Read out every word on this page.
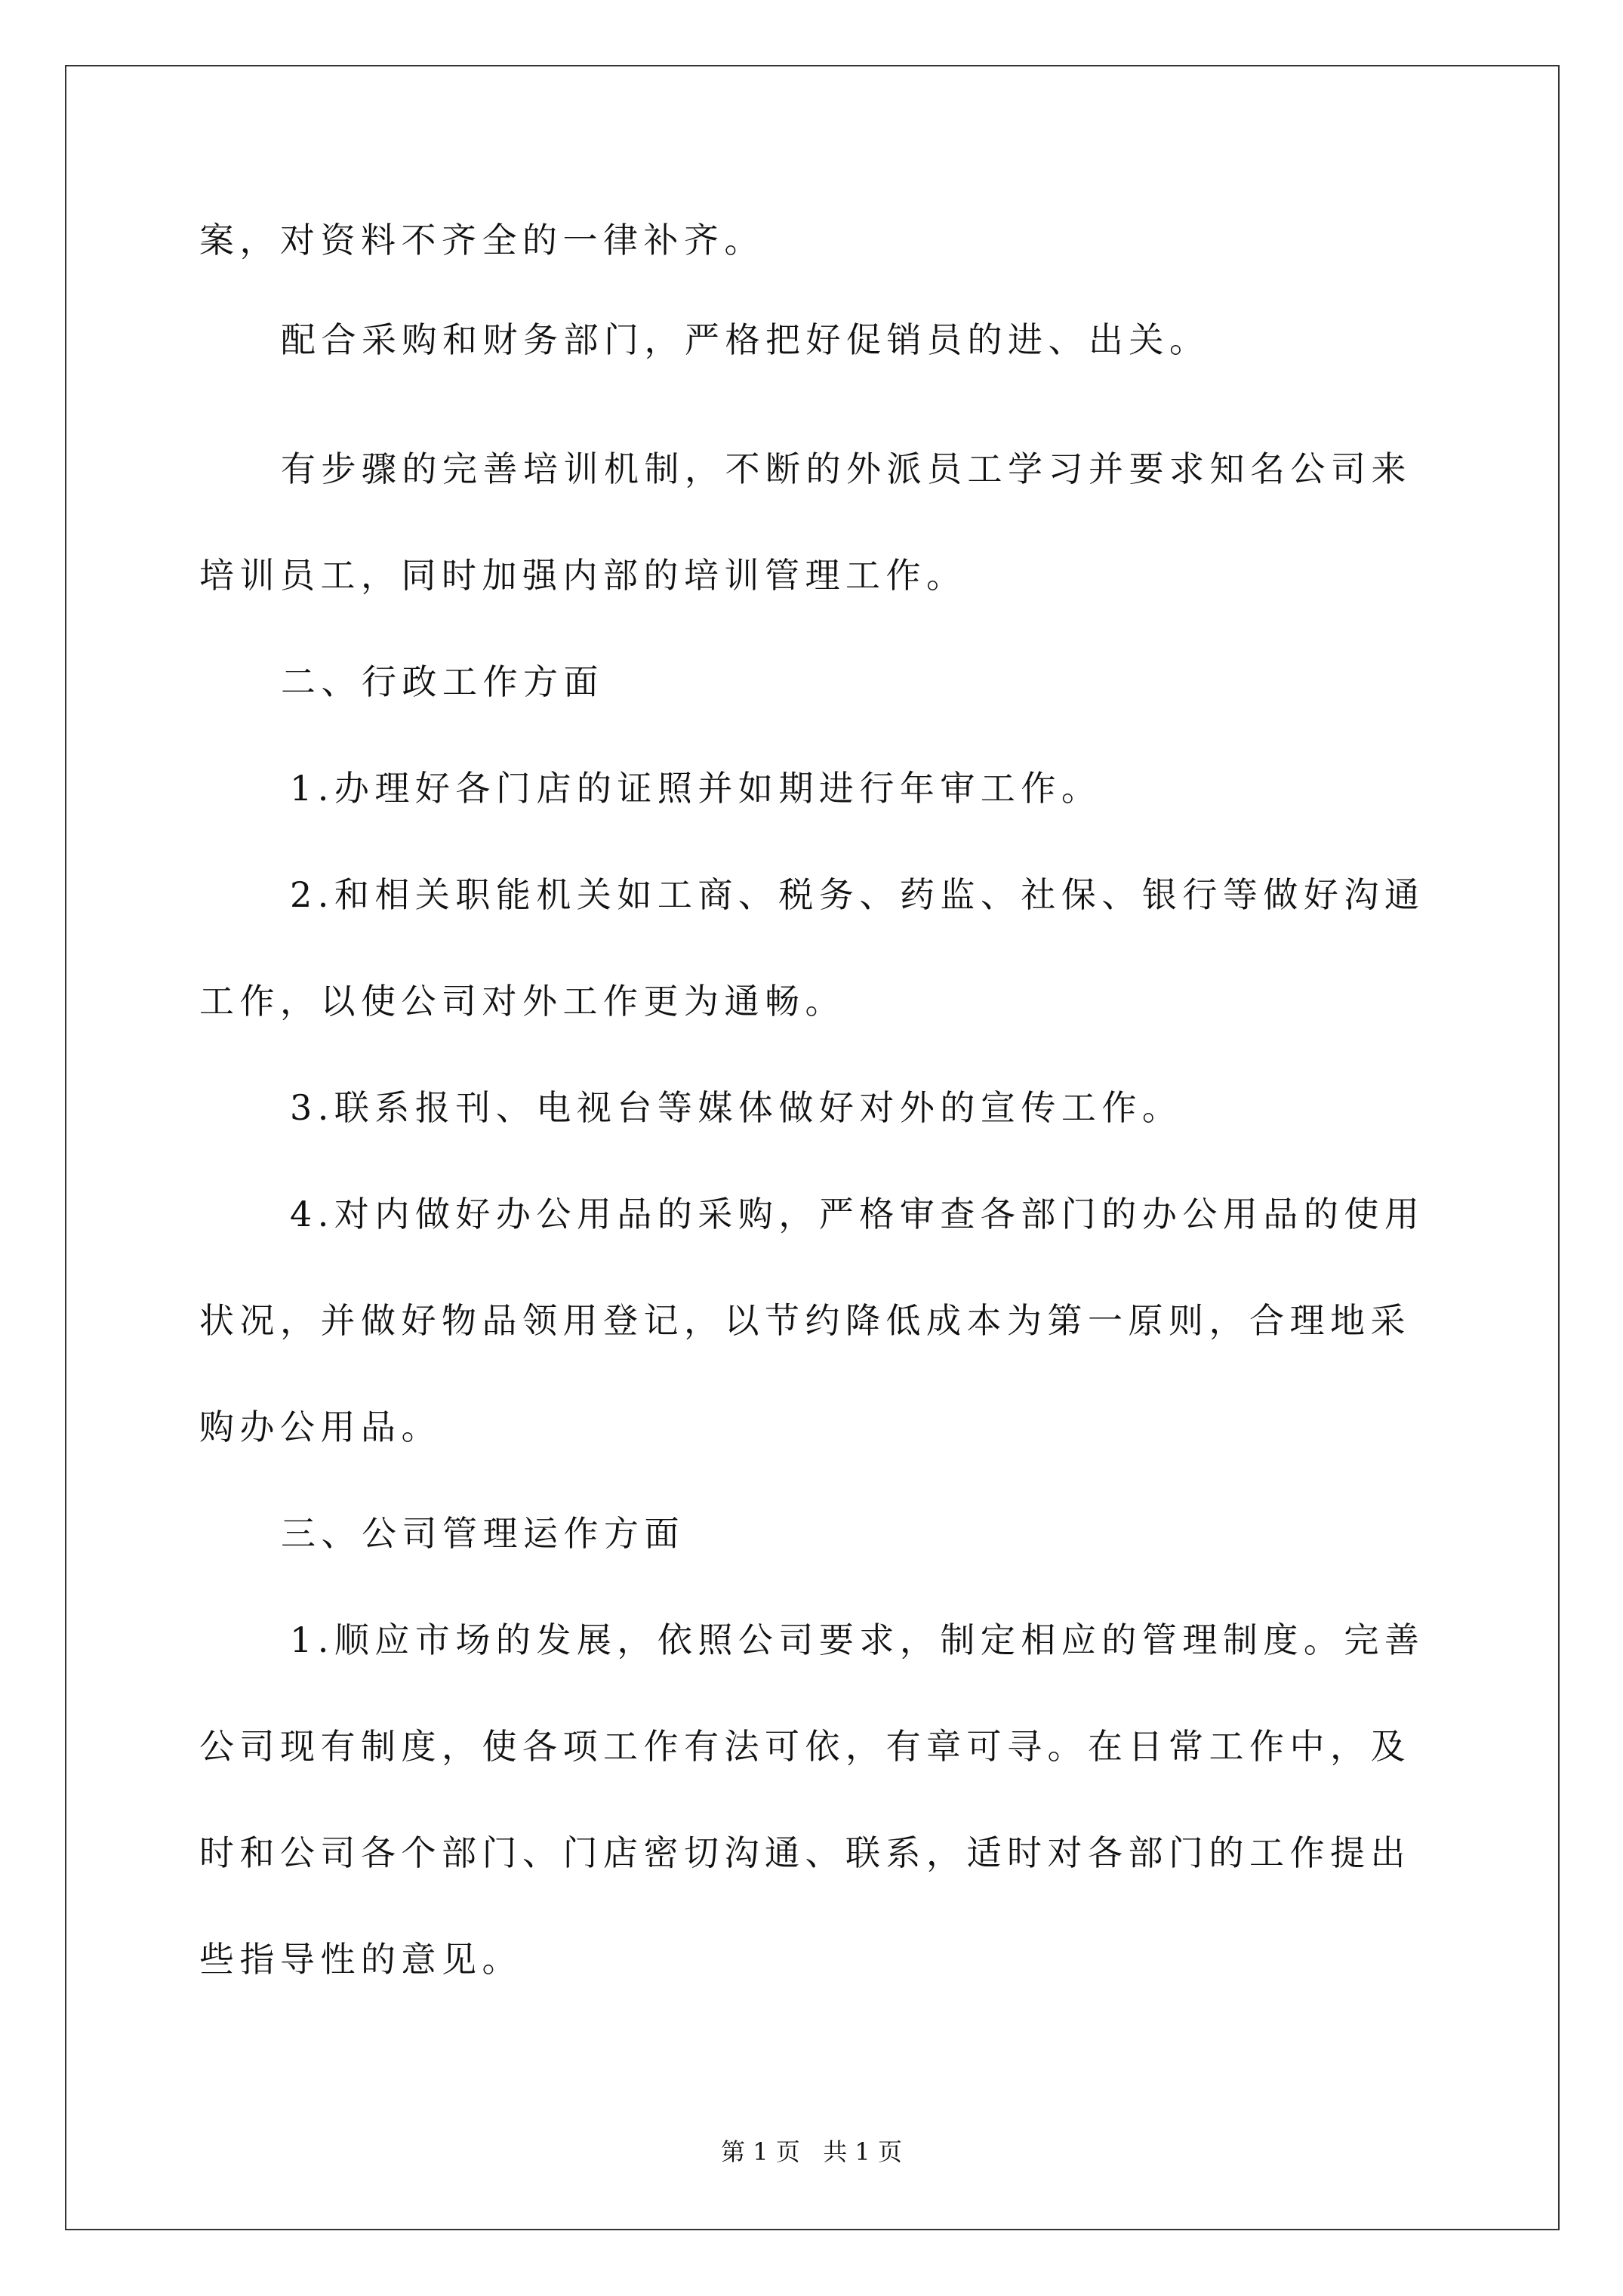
案，对资料不齐全的一律补齐。
配合采购和财务部门，严格把好促销员的进、出关。
有步骤的完善培训机制，不断的外派员工学习并要求知名公司来
培训员工，同时加强内部的培训管理工作。
二、行政工作方面
1.办理好各门店的证照并如期进行年审工作。
2.和相关职能机关如工商、税务、药监、社保、银行等做好沟通
工作，以使公司对外工作更为通畅。
3.联系报刊、电视台等媒体做好对外的宣传工作。
4.对内做好办公用品的采购，严格审查各部门的办公用品的使用
状况，并做好物品领用登记，以节约降低成本为第一原则，合理地采
购办公用品。
三、公司管理运作方面
1.顺应市场的发展，依照公司要求，制定相应的管理制度。完善
公司现有制度，使各项工作有法可依，有章可寻。在日常工作中，及
时和公司各个部门、门店密切沟通、联系，适时对各部门的工作提出
些指导性的意见。
第 1 页   共 1 页
